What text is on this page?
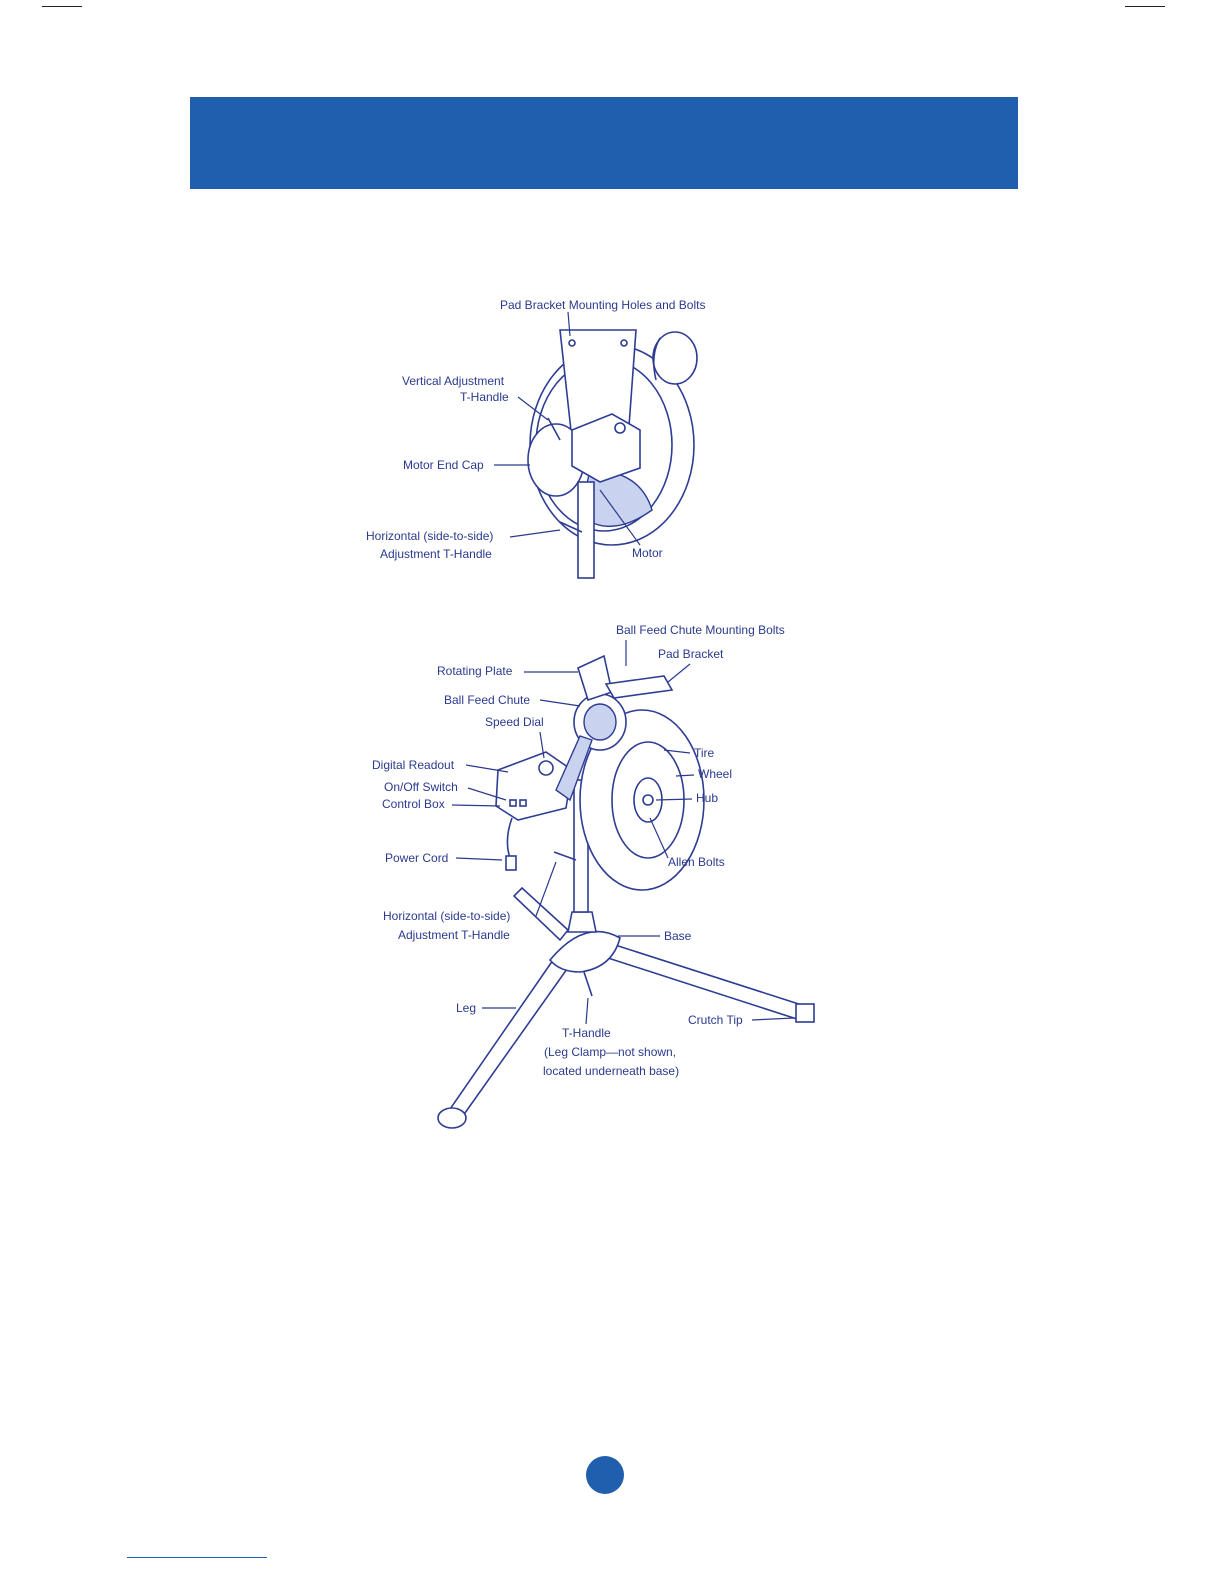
Pad Bracket Mounting Holes and Bolts
Vertical Adjustment
T-Handle
Motor End Cap
Horizontal (side-to-side)
Adjustment T-Handle	Motor
Ball Feed Chute Mounting Bolts
Pad Bracket
Rotating Plate
Ball Feed Chute
Speed Dial
Digital Readout
On/Off Switch
Control Box
Power Cord
Tire
Wheel
Hub
Allen Bolts
Horizontal (side-to-side)
Adjustment T-Handle	Base
Leg
Crutch Tip
T-Handle
(Leg Clamp—not shown,
located underneath base)
